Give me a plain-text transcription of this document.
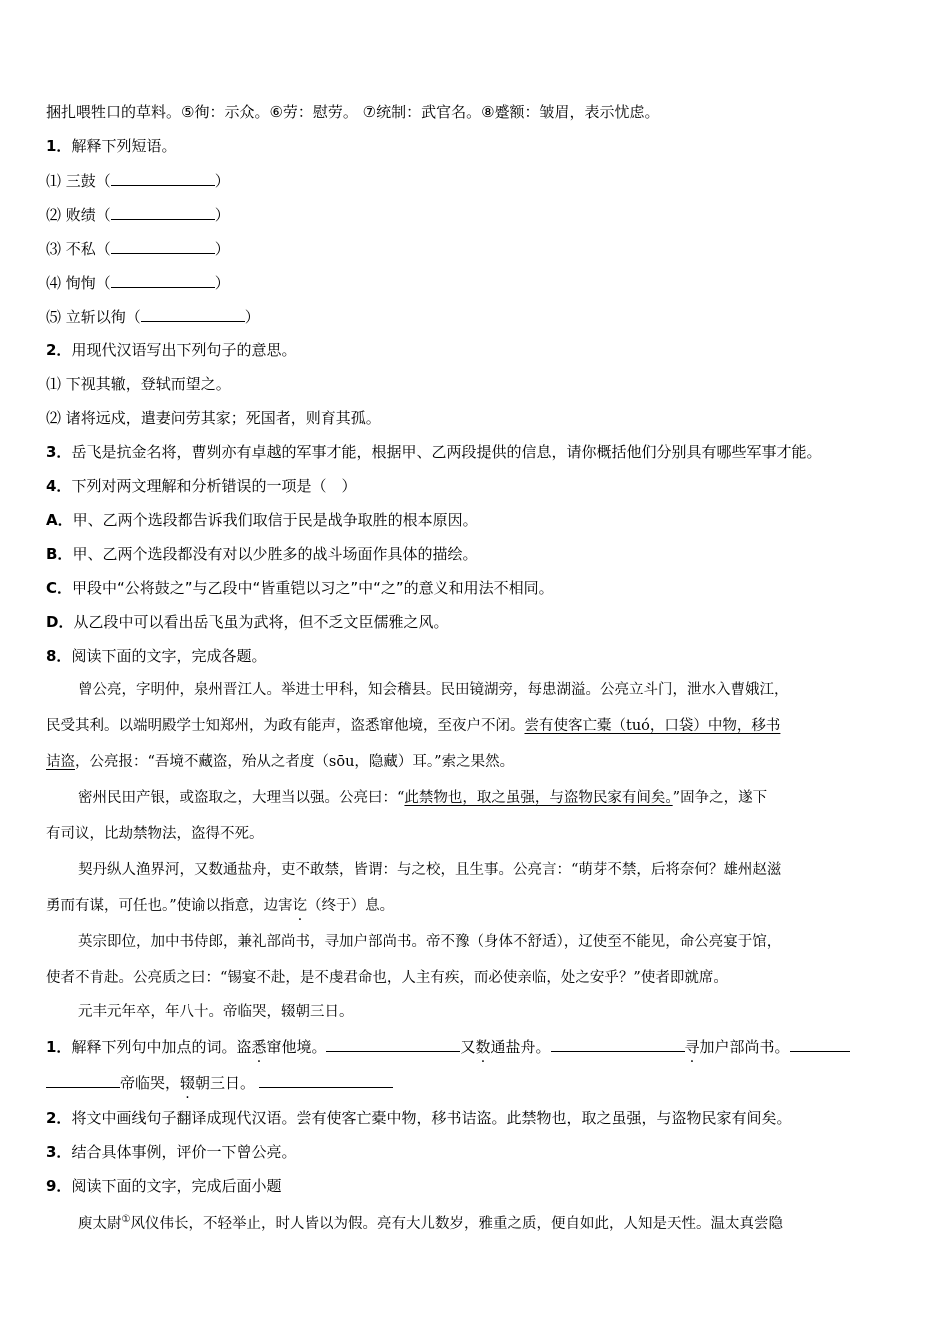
捆扎喂牲口的草料。⑤徇：示众。⑥劳：慰劳。 ⑦统制：武官名。⑧蹙额：皱眉，表示忧虑。
1．解释下列短语。
⑴ 三鼓（	）
⑵ 败绩（	）
⑶ 不私（	）
⑷ 恂恂（	）
⑸ 立斩以徇（	）
2．用现代汉语写出下列句子的意思。
⑴ 下视其辙，登轼而望之。
⑵ 诸将远戍，遣妻问劳其家；死国者，则育其孤。
3．岳飞是抗金名将，曹刿亦有卓越的军事才能，根据甲、乙两段提供的信息，请你概括他们分别具有哪些军事才能。
4．下列对两文理解和分析错误的一项是（　）
A．甲、乙两个选段都告诉我们取信于民是战争取胜的根本原因。
B．甲、乙两个选段都没有对以少胜多的战斗场面作具体的描绘。
C．甲段中“公将鼓之”与乙段中“皆重铠以习之”中“之”的意义和用法不相同。
D．从乙段中可以看出岳飞虽为武将，但不乏文臣儒雅之风。
8．阅读下面的文字，完成各题。
曾公亮，字明仲，泉州晋江人。举进士甲科，知会稽县。民田镜湖旁，每患湖溢。公亮立斗门，泄水入曹娥江，
民受其利。以端明殿学士知郑州，为政有能声，盗悉窜他境，至夜户不闭。尝有使客亡橐（tuó，口袋）中物，移书
诘盗，公亮报：“吾境不藏盗，殆从之者度（sōu，隐藏）耳。”索之果然。
密州民田产银，或盗取之，大理当以强。公亮曰：“此禁物也，取之虽强，与盗物民家有间矣。”固争之，遂下
有司议，比劫禁物法，盗得不死。
契丹纵人渔界河，又数通盐舟，吏不敢禁，皆谓：与之校，且生事。公亮言：“萌芽不禁，后将奈何？雄州赵滋
勇而有谋，可任也。”使谕以指意，边害讫（终于）息。
英宗即位，加中书侍郎，兼礼部尚书，寻加户部尚书。帝不豫（身体不舒适），辽使至不能见，命公亮宴于馆，
使者不肯赴。公亮质之曰：“锡宴不赴，是不虔君命也，人主有疾，而必使亲临，处之安乎？”使者即就席。
元丰元年卒，年八十。帝临哭，辍朝三日。
1．解释下列句中加点的词。盗悉窜他境。	又数通盐舟。	寻加户部尚书。
帝临哭，辍朝三日。
2．将文中画线句子翻译成现代汉语。尝有使客亡橐中物，移书诘盗。此禁物也，取之虽强，与盗物民家有间矣。
3．结合具体事例，评价一下曾公亮。
9．阅读下面的文字，完成后面小题
庾太尉①风仪伟长，不轻举止，时人皆以为假。亮有大儿数岁，雅重之质，便自如此，人知是天性。温太真尝隐
